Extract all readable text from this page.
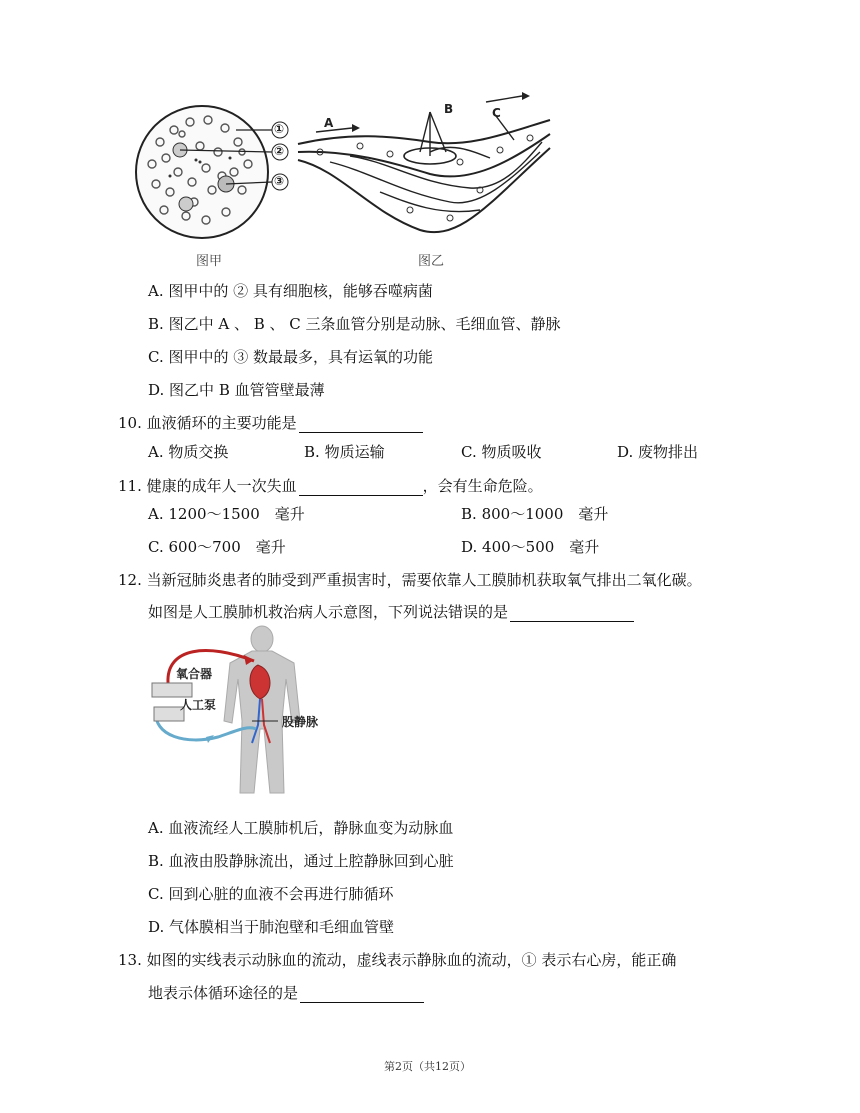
①
②
③
A
B	C
图甲	图乙
A. 图甲中的 ② 具有细胞核，能够吞噬病菌
B. 图乙中 A 、 B 、 C 三条血管分别是动脉、毛细血管、静脉
C. 图甲中的 ③ 数最最多，具有运氧的功能
D. 图乙中 B 血管管壁最薄
10. 血液循环的主要功能是
A. 物质交换	B. 物质运输	C. 物质吸收	D. 废物排出
11. 健康的成年人一次失血	，会有生命危险。
A. 1200～1500　毫升	B. 800～1000　毫升
C. 600～700　毫升	D. 400～500　毫升
12. 当新冠肺炎患者的肺受到严重损害时，需要依靠人工膜肺机获取氧气排出二氧化碳。
如图是人工膜肺机救治病人示意图，下列说法错误的是
氧合器
人工泵
股静脉
A. 血液流经人工膜肺机后，静脉血变为动脉血
B. 血液由股静脉流出，通过上腔静脉回到心脏
C. 回到心脏的血液不会再进行肺循环
D. 气体膜相当于肺泡壁和毛细血管壁
13. 如图的实线表示动脉血的流动，虚线表示静脉血的流动，① 表示右心房，能正确
地表示体循环途径的是
第2页（共12页）
